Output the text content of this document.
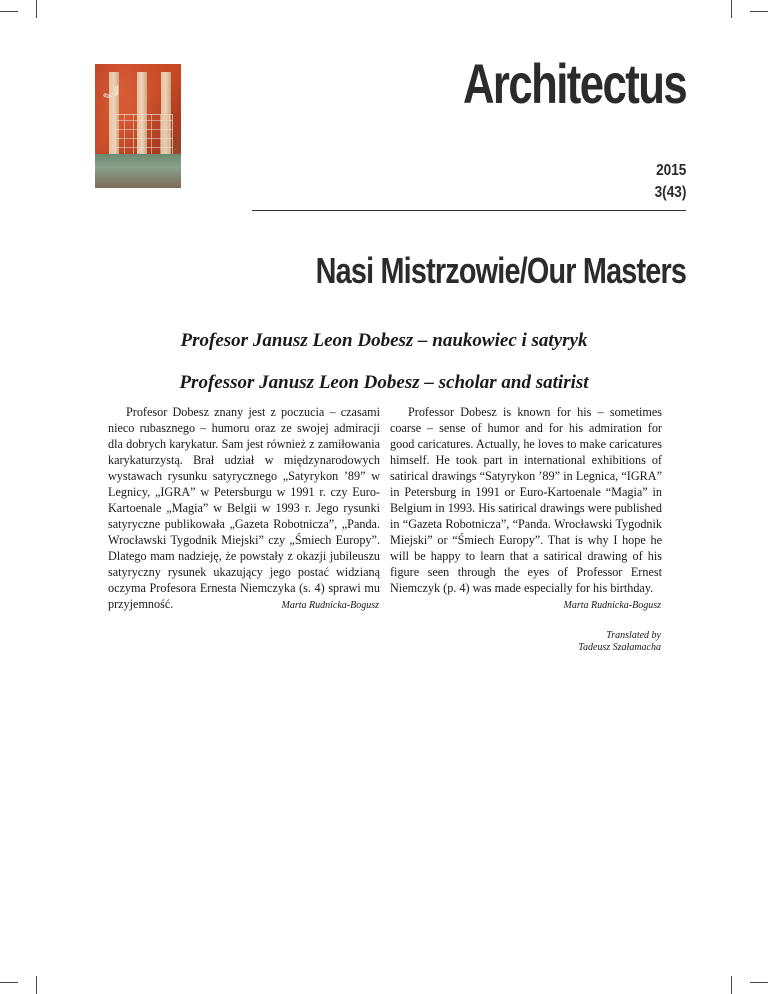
✎ ⁄⁄	Architectus
2015
3(43)
Nasi Mistrzowie/Our Masters
Profesor Janusz Leon Dobesz – naukowiec i satyryk
Professor Janusz Leon Dobesz – scholar and satirist

Profesor Dobesz znany jest z poczucia – czasami nieco rubasznego – humoru oraz ze swojej admiracji dla dobrych karykatur. Sam jest również z zamiłowania karykaturzystą. Brał udział w międzynarodowych wystawach rysunku satyrycznego „Satyrykon ’89” w Legnicy, „IGRA” w Petersburgu w 1991 r. czy Euro-Kartoenale „Magia” w Belgii w 1993 r. Jego rysunki satyryczne publikowała „Gazeta Robotnicza”, „Panda. Wrocławski Tygodnik Miejski” czy „Śmiech Europy”. Dlatego mam nadzieję, że powstały z okazji jubileuszu satyryczny rysunek ukazujący jego postać widzianą oczyma Profesora Ernesta Niemczyka (s. 4) sprawi mu przyjemność.

Professor Dobesz is known for his – sometimes coarse – sense of humor and for his admiration for good caricatures. Actually, he loves to make caricatures himself. He took part in international exhibitions of satirical drawings “Satyrykon ’89” in Legnica, “IGRA” in Petersburg in 1991 or Euro-Kartoenale “Magia” in Belgium in 1993. His satirical drawings were published in “Gazeta Robotnicza”, “Panda. Wrocławski Tygodnik Miejski” or “Śmiech Europy”. That is why I hope he will be happy to learn that a satirical drawing of his figure seen through the eyes of Professor Ernest Niemczyk (p. 4) was made especially for his birthday.

Marta Rudnicka-Bogusz	Marta Rudnicka-Bogusz
Translated by
Tadeusz Szałamacha
